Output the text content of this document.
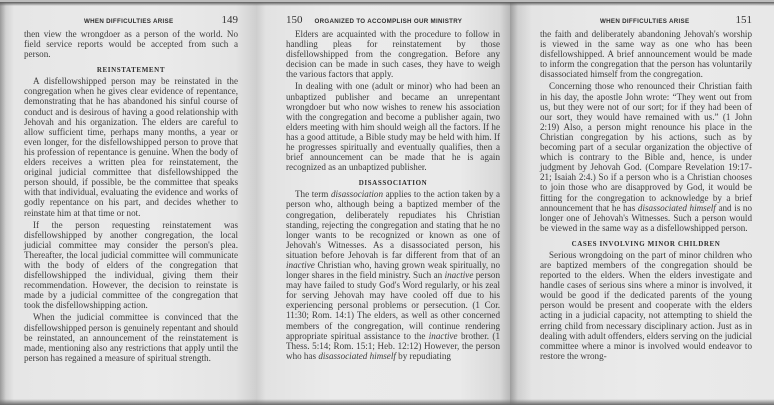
WHEN DIFFICULTIES ARISE	149

then view the wrongdoer as a person of the world. No field service reports would be accepted from such a person.

REINSTATEMENT

A disfellowshipped person may be reinstated in the congregation when he gives clear evidence of repentance, demonstrating that he has abandoned his sinful course of conduct and is desirous of having a good relationship with Jehovah and his organization. The elders are careful to allow sufficient time, perhaps many months, a year or even longer, for the disfellowshipped person to prove that his profession of repentance is genuine. When the body of elders receives a written plea for reinstatement, the original judicial committee that disfellowshipped the person should, if possible, be the committee that speaks with that individual, evaluating the evidence and works of godly repentance on his part, and decides whether to reinstate him at that time or not.

If the person requesting reinstatement was disfellowshipped by another congregation, the local judicial committee may consider the person's plea. Thereafter, the local judicial committee will communicate with the body of elders of the congregation that disfellowshipped the individual, giving them their recommendation. However, the decision to reinstate is made by a judicial committee of the congregation that took the disfellowshipping action.

When the judicial committee is convinced that the disfellowshipped person is genuinely repentant and should be reinstated, an announcement of the reinstatement is made, mentioning also any restrictions that apply until the person has regained a measure of spiritual strength.

150 ORGANIZED TO ACCOMPLISH OUR MINISTRY

Elders are acquainted with the procedure to follow in handling pleas for reinstatement by those disfellowshipped from the congregation. Before any decision can be made in such cases, they have to weigh the various factors that apply.

In dealing with one (adult or minor) who had been an unbaptized publisher and became an unrepentant wrongdoer but who now wishes to renew his association with the congregation and become a publisher again, two elders meeting with him should weigh all the factors. If he has a good attitude, a Bible study may be held with him. If he progresses spiritually and eventually qualifies, then a brief announcement can be made that he is again recognized as an unbaptized publisher.

DISASSOCIATION

The term disassociation applies to the action taken by a person who, although being a baptized member of the congregation, deliberately repudiates his Christian standing, rejecting the congregation and stating that he no longer wants to be recognized or known as one of Jehovah's Witnesses. As a disassociated person, his situation before Jehovah is far different from that of an inactive Christian who, having grown weak spiritually, no longer shares in the field ministry. Such an inactive person may have failed to study God's Word regularly, or his zeal for serving Jehovah may have cooled off due to his experiencing personal problems or persecution. (1 Cor. 11:30; Rom. 14:1) The elders, as well as other concerned members of the congregation, will continue rendering appropriate spiritual assistance to the inactive brother. (1 Thess. 5:14; Rom. 15:1; Heb. 12:12) However, the person who has disassociated himself by repudiating

WHEN DIFFICULTIES ARISE	151

the faith and deliberately abandoning Jehovah's worship is viewed in the same way as one who has been disfellowshipped. A brief announcement would be made to inform the congregation that the person has voluntarily disassociated himself from the congregation.

Concerning those who renounced their Christian faith in his day, the apostle John wrote: “They went out from us, but they were not of our sort; for if they had been of our sort, they would have remained with us.” (1 John 2:19) Also, a person might renounce his place in the Christian congregation by his actions, such as by becoming part of a secular organization the objective of which is contrary to the Bible and, hence, is under judgment by Jehovah God. (Compare Revelation 19:17-21; Isaiah 2:4.) So if a person who is a Christian chooses to join those who are disapproved by God, it would be fitting for the congregation to acknowledge by a brief announcement that he has disassociated himself and is no longer one of Jehovah's Witnesses. Such a person would be viewed in the same way as a disfellowshipped person.

CASES INVOLVING MINOR CHILDREN

Serious wrongdoing on the part of minor children who are baptized members of the congregation should be reported to the elders. When the elders investigate and handle cases of serious sins where a minor is involved, it would be good if the dedicated parents of the young person would be present and cooperate with the elders acting in a judicial capacity, not attempting to shield the erring child from necessary disciplinary action. Just as in dealing with adult offenders, elders serving on the judicial committee where a minor is involved would endeavor to restore the wrong-
